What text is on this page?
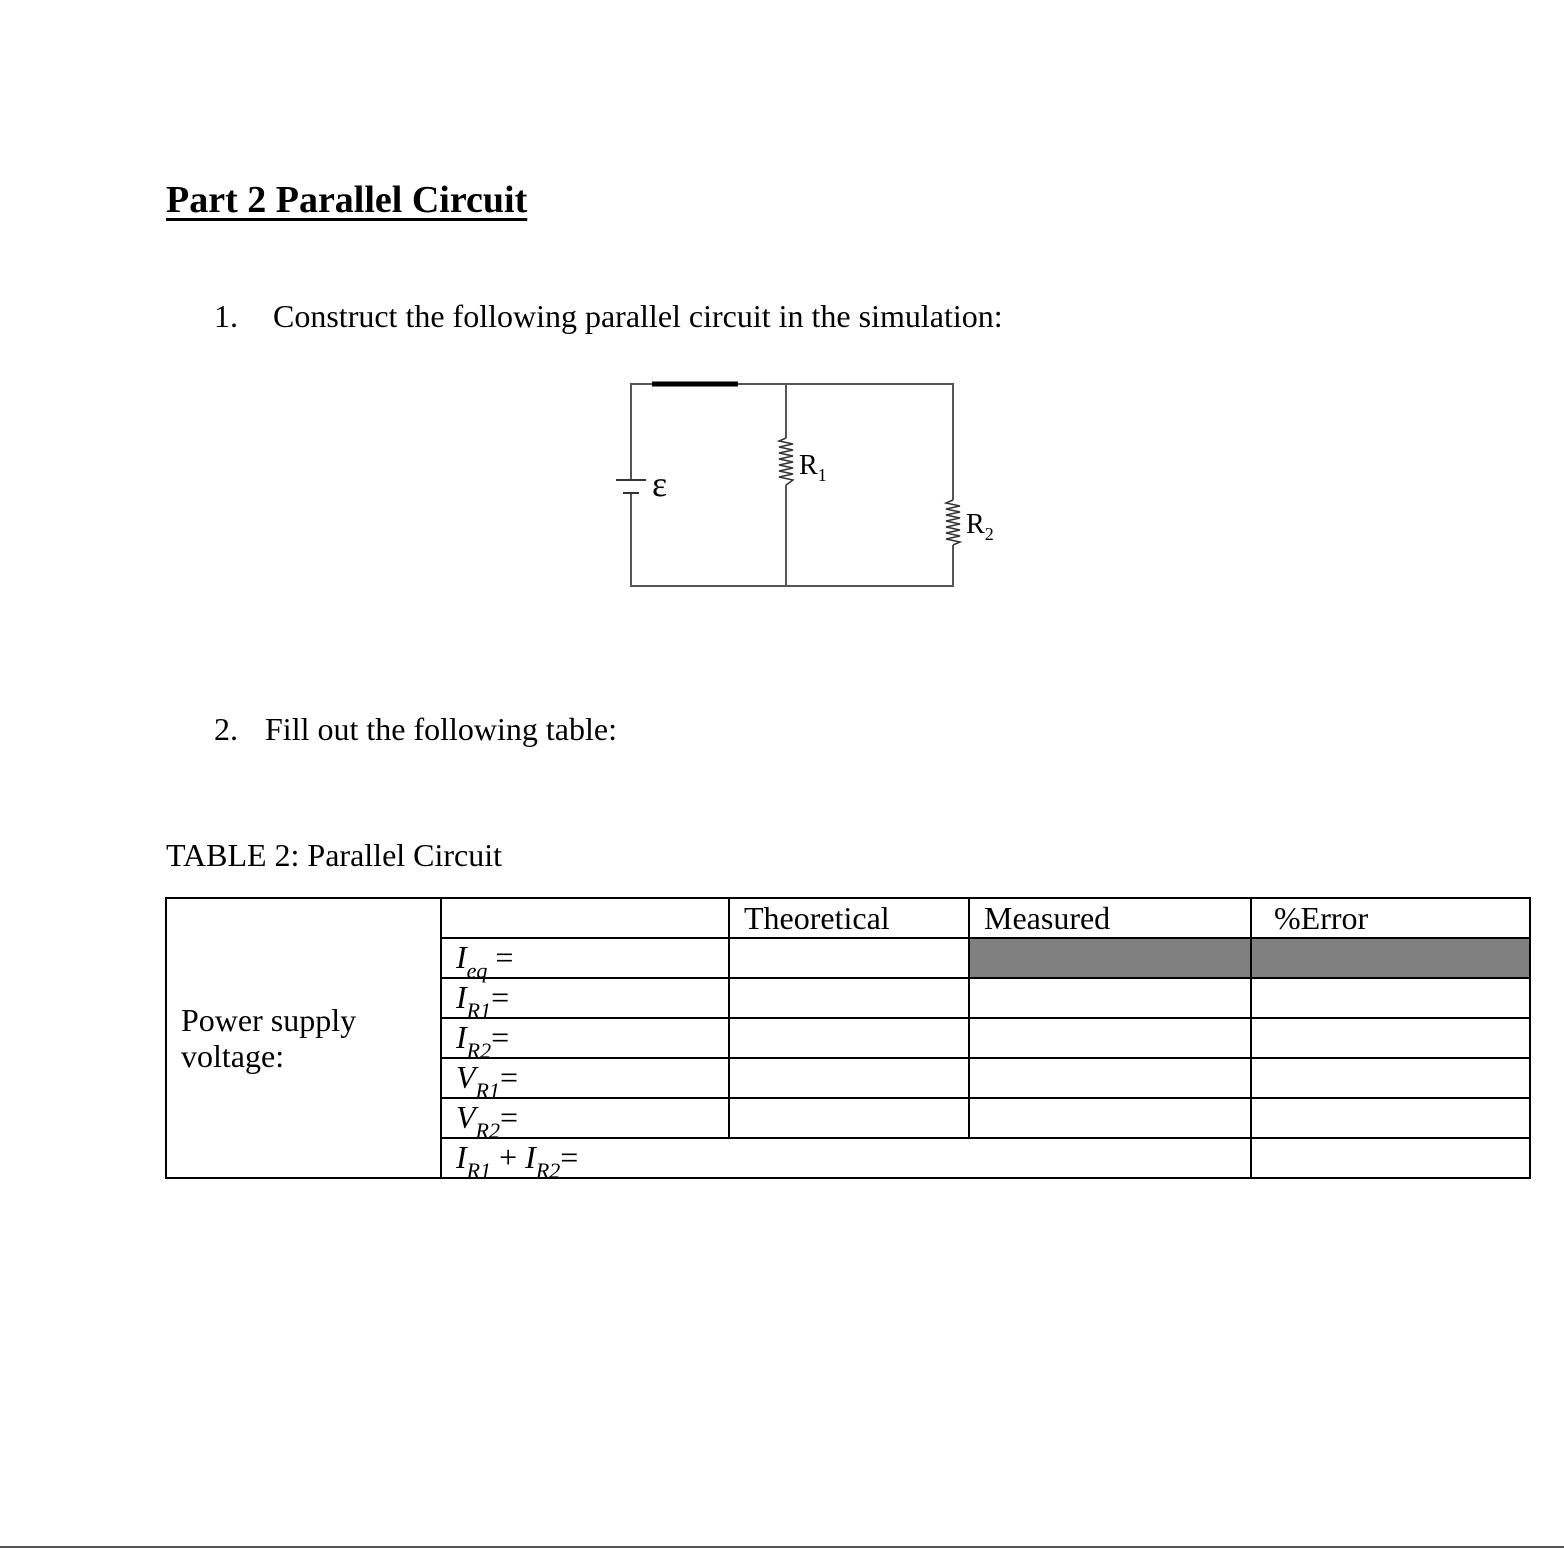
Part 2 Parallel Circuit
1. Construct the following parallel circuit in the simulation:
ε	$R_1$
$R_2$
2. Fill out the following table:
TABLE 2: Parallel Circuit
Power supply voltage:		Theoretical	Measured	%Error
	$I_{eq}$ =			
	$I_{R1}=$			
	$I_{R2}=$			
	$V_{R1}=$			
	$V_{R2}=$			
	$I_{R1} + I_{R2}=$			
